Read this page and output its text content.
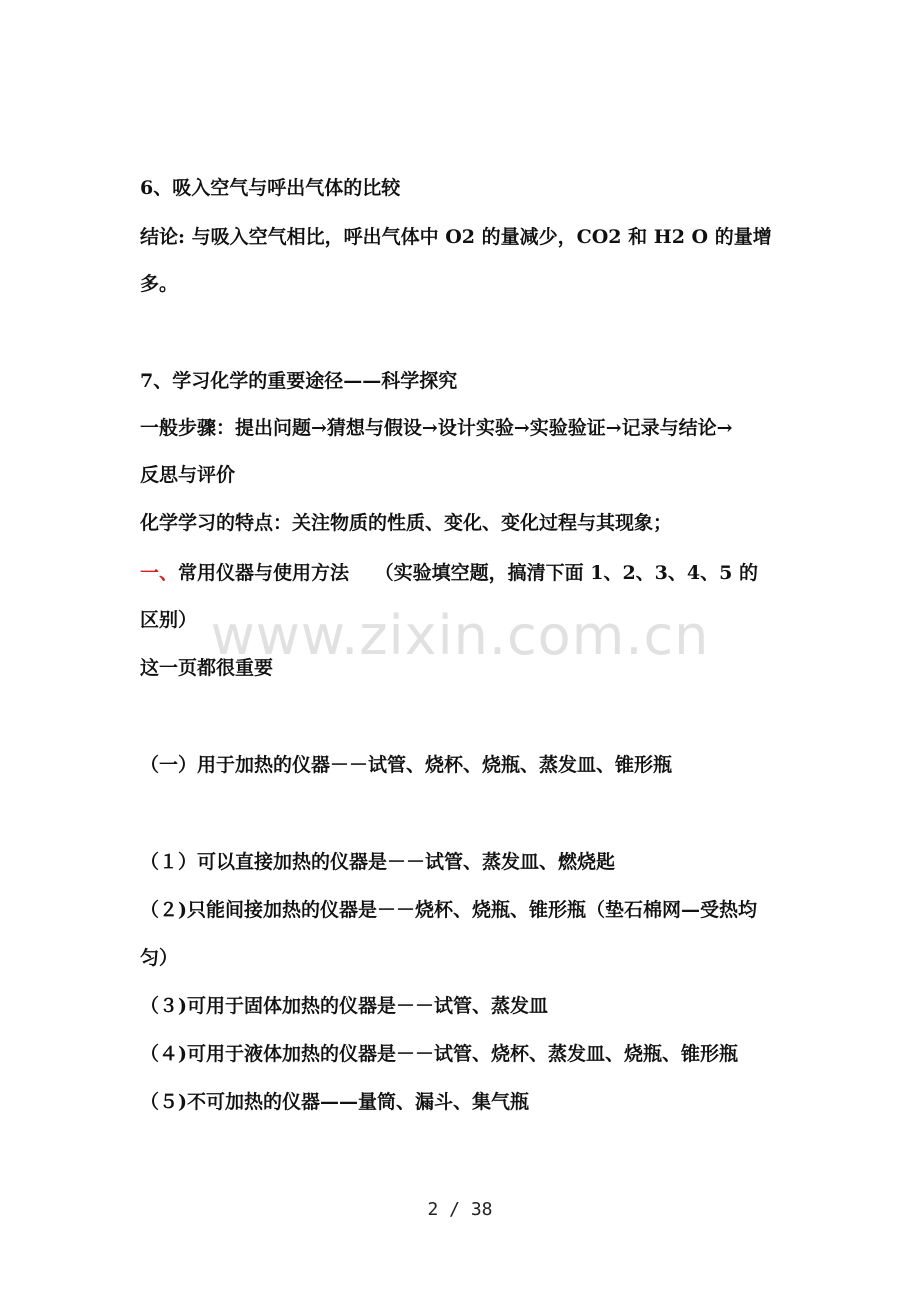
6、吸入空气与呼出气体的比较

结论: 与吸入空气相比，呼出气体中 O2 的量减少，CO2 和 H2 O 的量增

多。

7、学习化学的重要途径——科学探究

一般步骤：提出问题→猜想与假设→设计实验→实验验证→记录与结论→

反思与评价

化学学习的特点：关注物质的性质、变化、变化过程与其现象；

一、常用仪器与使用方法　 （实验填空题，搞清下面 1、2、3、4、5 的

区别）

这一页都很重要

（一）用于加热的仪器－－试管、烧杯、烧瓶、蒸发皿、锥形瓶

（１）可以直接加热的仪器是－－试管、蒸发皿、燃烧匙

（２)只能间接加热的仪器是－－烧杯、烧瓶、锥形瓶（垫石棉网—受热均

匀）

（３)可用于固体加热的仪器是－－试管、蒸发皿

（４)可用于液体加热的仪器是－－试管、烧杯、蒸发皿、烧瓶、锥形瓶

（５)不可加热的仪器——量筒、漏斗、集气瓶

www.zixin.com.cn
2 / 38
